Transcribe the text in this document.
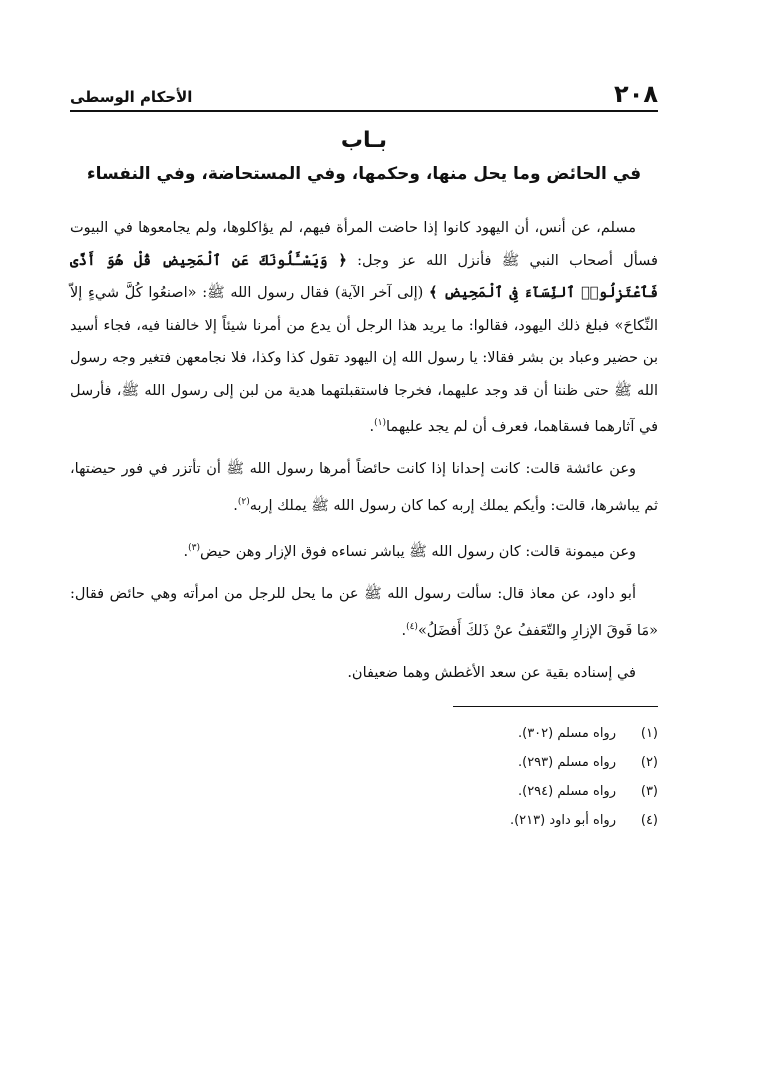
٢٠٨
الأحكام الوسطى
بـاب
في الحائض وما يحل منها، وحكمها، وفي المستحاضة، وفي النفساء

مسلم، عن أنس، أن اليهود كانوا إذا حاضت المرأة فيهم، لم يؤاكلوها، ولم يجامعوها في البيوت فسأل أصحاب النبي ﷺ فأنزل الله عز وجل: ﴿ وَيَسْـَٔلُونَكَ عَنِ ٱلْمَحِيضِ قُلْ هُوَ أَذًى فَٱعْتَزِلُوا۟ ٱلنِّسَآءَ فِى ٱلْمَحِيضِ ﴾ (إلى آخر الآية) فقال رسول الله ﷺ: «اصنعُوا كُلَّ شيءٍ إلاّ النِّكاحَ» فبلغ ذلك اليهود، فقالوا: ما يريد هذا الرجل أن يدع من أمرنا شيئاً إلا خالفنا فيه، فجاء أسيد بن حضير وعباد بن بشر فقالا: يا رسول الله إن اليهود تقول كذا وكذا، فلا نجامعهن فتغير وجه رسول الله ﷺ حتى ظننا أن قد وجد عليهما، فخرجا فاستقبلتهما هدية من لبن إلى رسول الله ﷺ، فأرسل في آثارهما فسقاهما، فعرف أن لم يجد عليهما$^{(١)}$.

وعن عائشة قالت: كانت إحدانا إذا كانت حائضاً أمرها رسول الله ﷺ أن تأتزر في فور حيضتها، ثم يباشرها، قالت: وأيكم يملك إربه كما كان رسول الله ﷺ يملك إربه$^{(٢)}$.

وعن ميمونة قالت: كان رسول الله ﷺ يباشر نساءه فوق الإزار وهن حيض$^{(٣)}$.

أبو داود، عن معاذ قال: سألت رسول الله ﷺ عن ما يحل للرجل من امرأته وهي حائض فقال: «مَا فَوقَ الإزارِ والتّعَففُ عنْ ذَلكَ أَفضَلُ»$^{(٤)}$.

في إسناده بقية عن سعد الأغطش وهما ضعيفان.

(١)
رواه مسلم (٣٠٢).
(٢)
رواه مسلم (٢٩٣).
(٣)
رواه مسلم (٢٩٤).
(٤)
رواه أبو داود (٢١٣).
